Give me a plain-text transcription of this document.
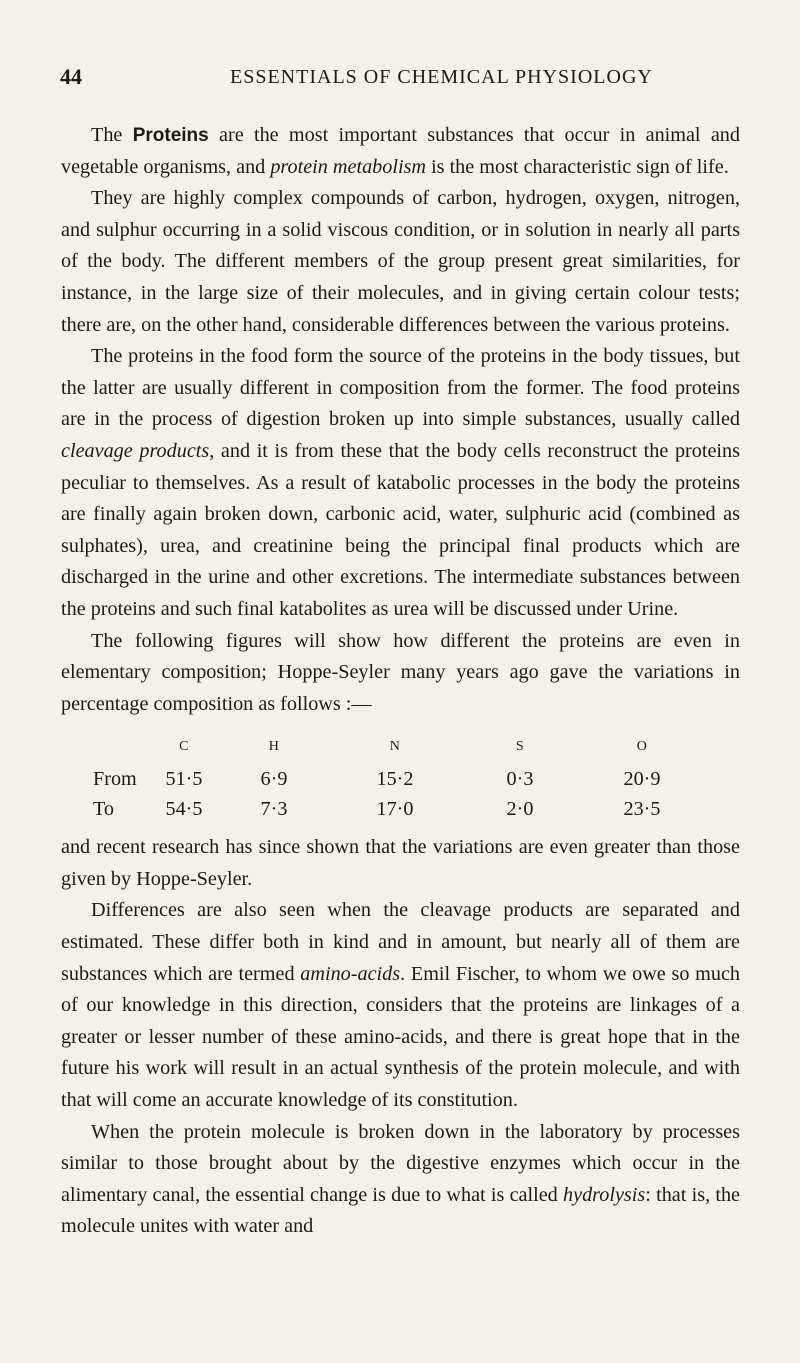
44	ESSENTIALS OF CHEMICAL PHYSIOLOGY

The Proteins are the most important substances that occur in animal and vegetable organisms, and protein metabolism is the most characteristic sign of life.

They are highly complex compounds of carbon, hydrogen, oxygen, nitrogen, and sulphur occurring in a solid viscous condition, or in solution in nearly all parts of the body. The different members of the group present great similarities, for instance, in the large size of their molecules, and in giving certain colour tests; there are, on the other hand, considerable differences between the various proteins.

The proteins in the food form the source of the proteins in the body tissues, but the latter are usually different in composition from the former. The food proteins are in the process of digestion broken up into simple substances, usually called cleavage products, and it is from these that the body cells reconstruct the proteins peculiar to themselves. As a result of katabolic processes in the body the proteins are finally again broken down, carbonic acid, water, sulphuric acid (combined as sulphates), urea, and creatinine being the principal final products which are discharged in the urine and other excretions. The intermediate substances between the proteins and such final katabolites as urea will be discussed under Urine.

The following figures will show how different the proteins are even in elementary composition; Hoppe-Seyler many years ago gave the variations in percentage composition as follows :—

	C	H	N	S	O
From	51·5	6·9	15·2	0·3	20·9
To	54·5	7·3	17·0	2·0	23·5

and recent research has since shown that the variations are even greater than those given by Hoppe-Seyler.

Differences are also seen when the cleavage products are separated and estimated. These differ both in kind and in amount, but nearly all of them are substances which are termed amino-acids. Emil Fischer, to whom we owe so much of our knowledge in this direction, considers that the proteins are linkages of a greater or lesser number of these amino-acids, and there is great hope that in the future his work will result in an actual synthesis of the protein molecule, and with that will come an accurate knowledge of its constitution.

When the protein molecule is broken down in the laboratory by processes similar to those brought about by the digestive enzymes which occur in the alimentary canal, the essential change is due to what is called hydrolysis: that is, the molecule unites with water and
